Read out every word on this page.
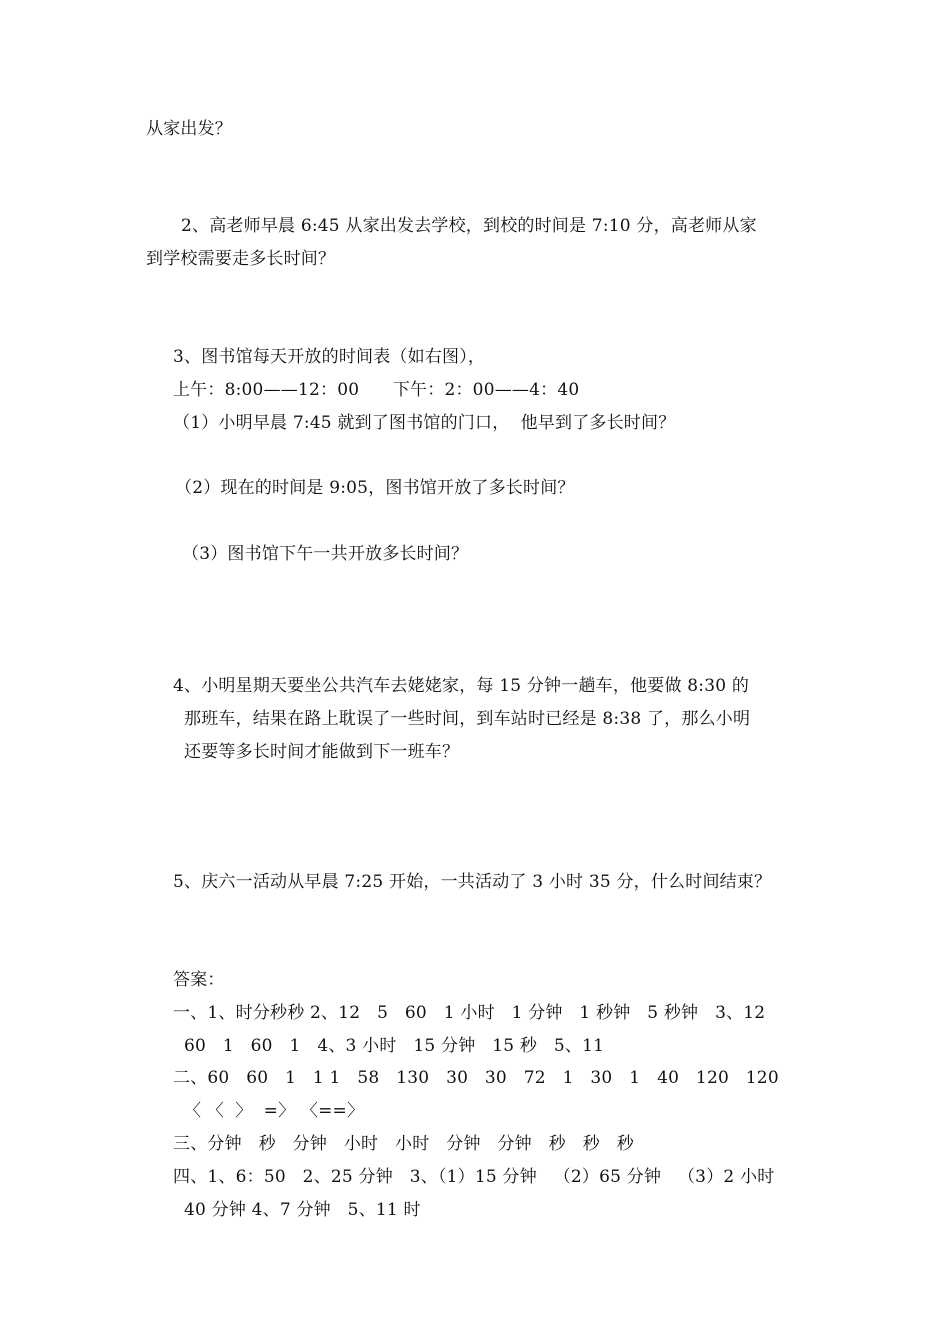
从家出发？
2、高老师早晨 6:45 从家出发去学校，到校的时间是 7:10 分，高老师从家
到学校需要走多长时间？
3、图书馆每天开放的时间表（如右图），
上午：8:00——12：00      下午：2：00——4：40
（1）小明早晨 7:45 就到了图书馆的门口，  他早到了多长时间？
（2）现在的时间是 9:05，图书馆开放了多长时间？
（3）图书馆下午一共开放多长时间？
4、小明星期天要坐公共汽车去姥姥家，每 15 分钟一趟车，他要做 8:30 的
那班车，结果在路上耽误了一些时间，到车站时已经是 8:38 了，那么小明
还要等多长时间才能做到下一班车？
5、庆六一活动从早晨 7:25 开始，一共活动了 3 小时 35 分，什么时间结束？
答案：
一、1、时分秒秒 2、12   5   60   1 小时   1 分钟   1 秒钟   5 秒钟   3、12
60   1   60   1   4、3 小时   15 分钟   15 秒   5、11
二、60   60   1   1 1   58   130   30   30   72   1   30   1   40   120   120
〈 〈  〉  =〉 〈==〉
三、分钟   秒   分钟   小时   小时   分钟   分钟   秒   秒   秒
四、1、6：50   2、25 分钟   3、（1）15 分钟   （2）65 分钟   （3）2 小时
40 分钟 4、7 分钟   5、11 时
